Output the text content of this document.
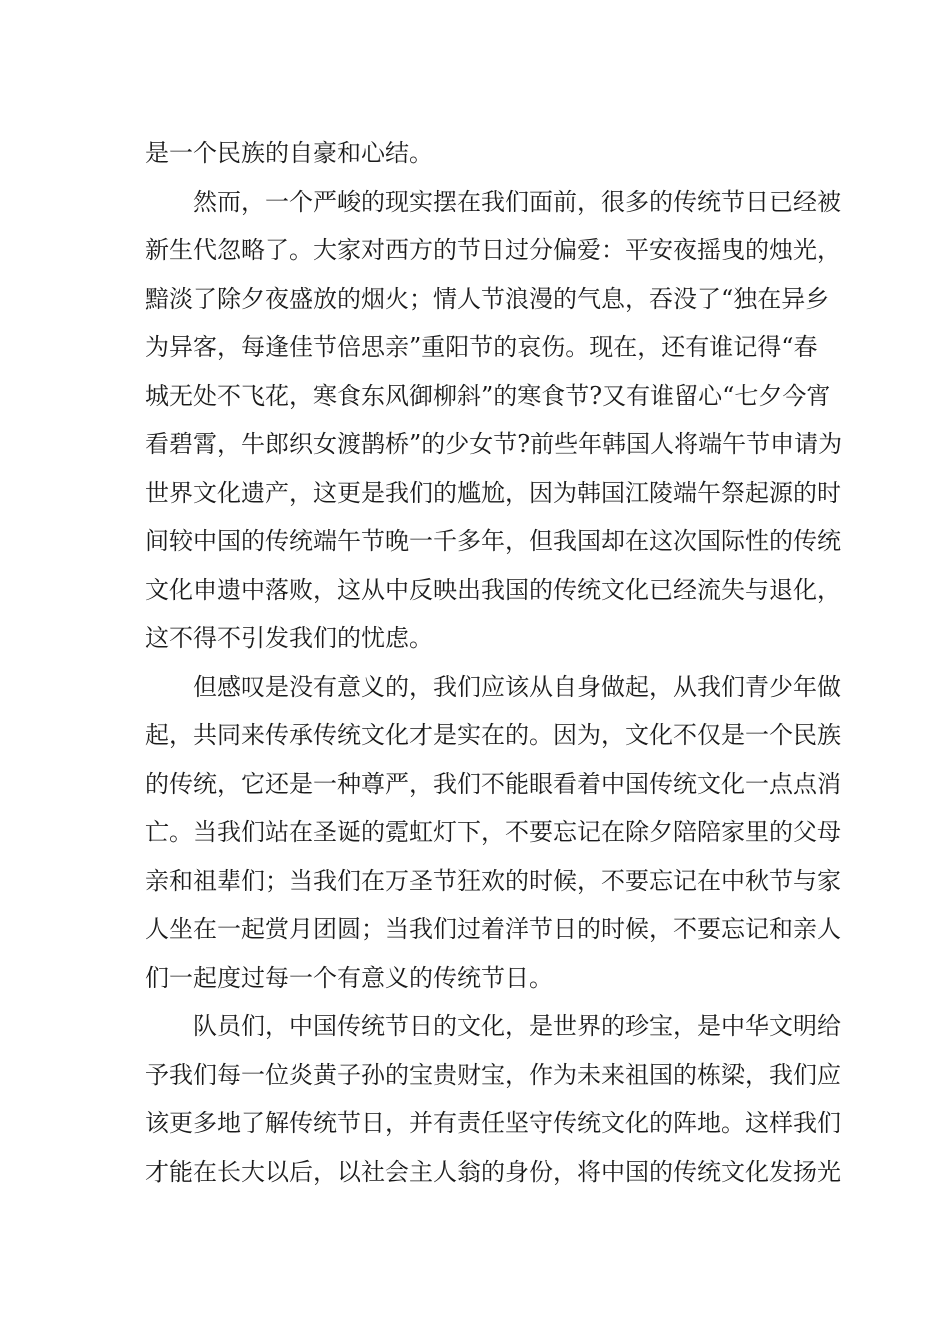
是一个民族的自豪和心结。
然而，一个严峻的现实摆在我们面前，很多的传统节日已经被
新生代忽略了。大家对西方的节日过分偏爱：平安夜摇曳的烛光，
黯淡了除夕夜盛放的烟火；情人节浪漫的气息，吞没了“独在异乡
为异客，每逢佳节倍思亲”重阳节的哀伤。现在，还有谁记得“春
城无处不飞花，寒食东风御柳斜”的寒食节?又有谁留心“七夕今宵
看碧霄，牛郎织女渡鹊桥”的少女节?前些年韩国人将端午节申请为
世界文化遗产，这更是我们的尴尬，因为韩国江陵端午祭起源的时
间较中国的传统端午节晚一千多年，但我国却在这次国际性的传统
文化申遗中落败，这从中反映出我国的传统文化已经流失与退化，
这不得不引发我们的忧虑。
但感叹是没有意义的，我们应该从自身做起，从我们青少年做
起，共同来传承传统文化才是实在的。因为，文化不仅是一个民族
的传统，它还是一种尊严，我们不能眼看着中国传统文化一点点消
亡。当我们站在圣诞的霓虹灯下，不要忘记在除夕陪陪家里的父母
亲和祖辈们；当我们在万圣节狂欢的时候，不要忘记在中秋节与家
人坐在一起赏月团圆；当我们过着洋节日的时候，不要忘记和亲人
们一起度过每一个有意义的传统节日。
队员们，中国传统节日的文化，是世界的珍宝，是中华文明给
予我们每一位炎黄子孙的宝贵财宝，作为未来祖国的栋梁，我们应
该更多地了解传统节日，并有责任坚守传统文化的阵地。这样我们
才能在长大以后，以社会主人翁的身份，将中国的传统文化发扬光
